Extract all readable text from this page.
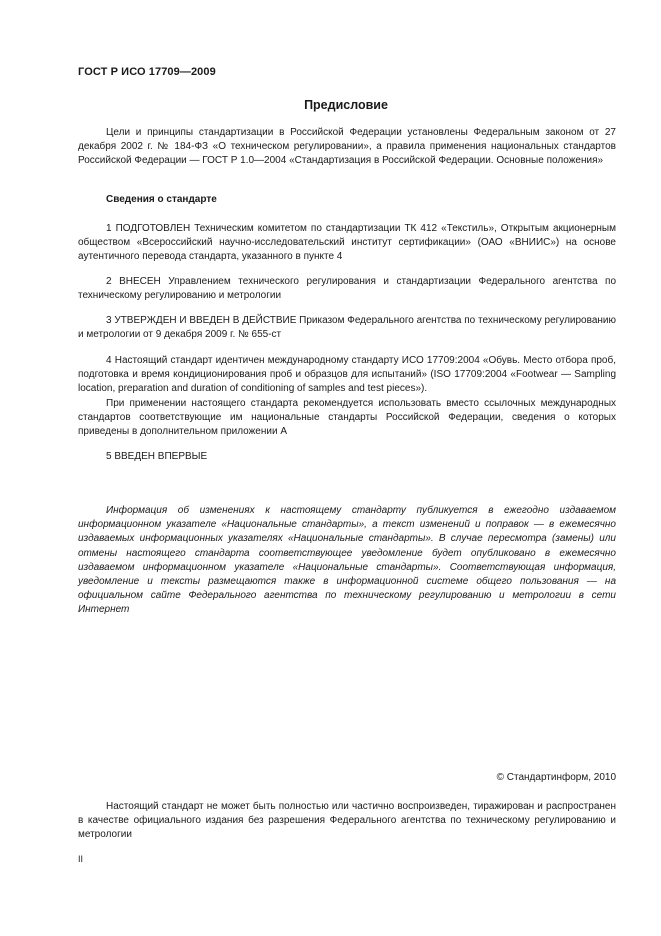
ГОСТ Р ИСО 17709—2009
Предисловие

Цели и принципы стандартизации в Российской Федерации установлены Федеральным законом от 27 декабря 2002 г. № 184-ФЗ «О техническом регулировании», а правила применения национальных стандартов Российской Федерации — ГОСТ Р 1.0—2004 «Стандартизация в Российской Федерации. Основные положения»

Сведения о стандарте

1 ПОДГОТОВЛЕН Техническим комитетом по стандартизации ТК 412 «Текстиль», Открытым акционерным обществом «Всероссийский научно-исследовательский институт сертификации» (ОАО «ВНИИС») на основе аутентичного перевода стандарта, указанного в пункте 4

2 ВНЕСЕН Управлением технического регулирования и стандартизации Федерального агентства по техническому регулированию и метрологии

3 УТВЕРЖДЕН И ВВЕДЕН В ДЕЙСТВИЕ Приказом Федерального агентства по техническому регулированию и метрологии от 9 декабря 2009 г. № 655-ст

4 Настоящий стандарт идентичен международному стандарту ИСО 17709:2004 «Обувь. Место отбора проб, подготовка и время кондиционирования проб и образцов для испытаний» (ISO 17709:2004 «Footwear — Sampling location, preparation and duration of conditioning of samples and test pieces»).

При применении настоящего стандарта рекомендуется использовать вместо ссылочных международных стандартов соответствующие им национальные стандарты Российской Федерации, сведения о которых приведены в дополнительном приложении А

5 ВВЕДЕН ВПЕРВЫЕ

Информация об изменениях к настоящему стандарту публикуется в ежегодно издаваемом информационном указателе «Национальные стандарты», а текст изменений и поправок — в ежемесячно издаваемых информационных указателях «Национальные стандарты». В случае пересмотра (замены) или отмены настоящего стандарта соответствующее уведомление будет опубликовано в ежемесячно издаваемом информационном указателе «Национальные стандарты». Соответствующая информация, уведомление и тексты размещаются также в информационной системе общего пользования — на официальном сайте Федерального агентства по техническому регулированию и метрологии в сети Интернет

© Стандартинформ, 2010

Настоящий стандарт не может быть полностью или частично воспроизведен, тиражирован и распространен в качестве официального издания без разрешения Федерального агентства по техническому регулированию и метрологии

II
